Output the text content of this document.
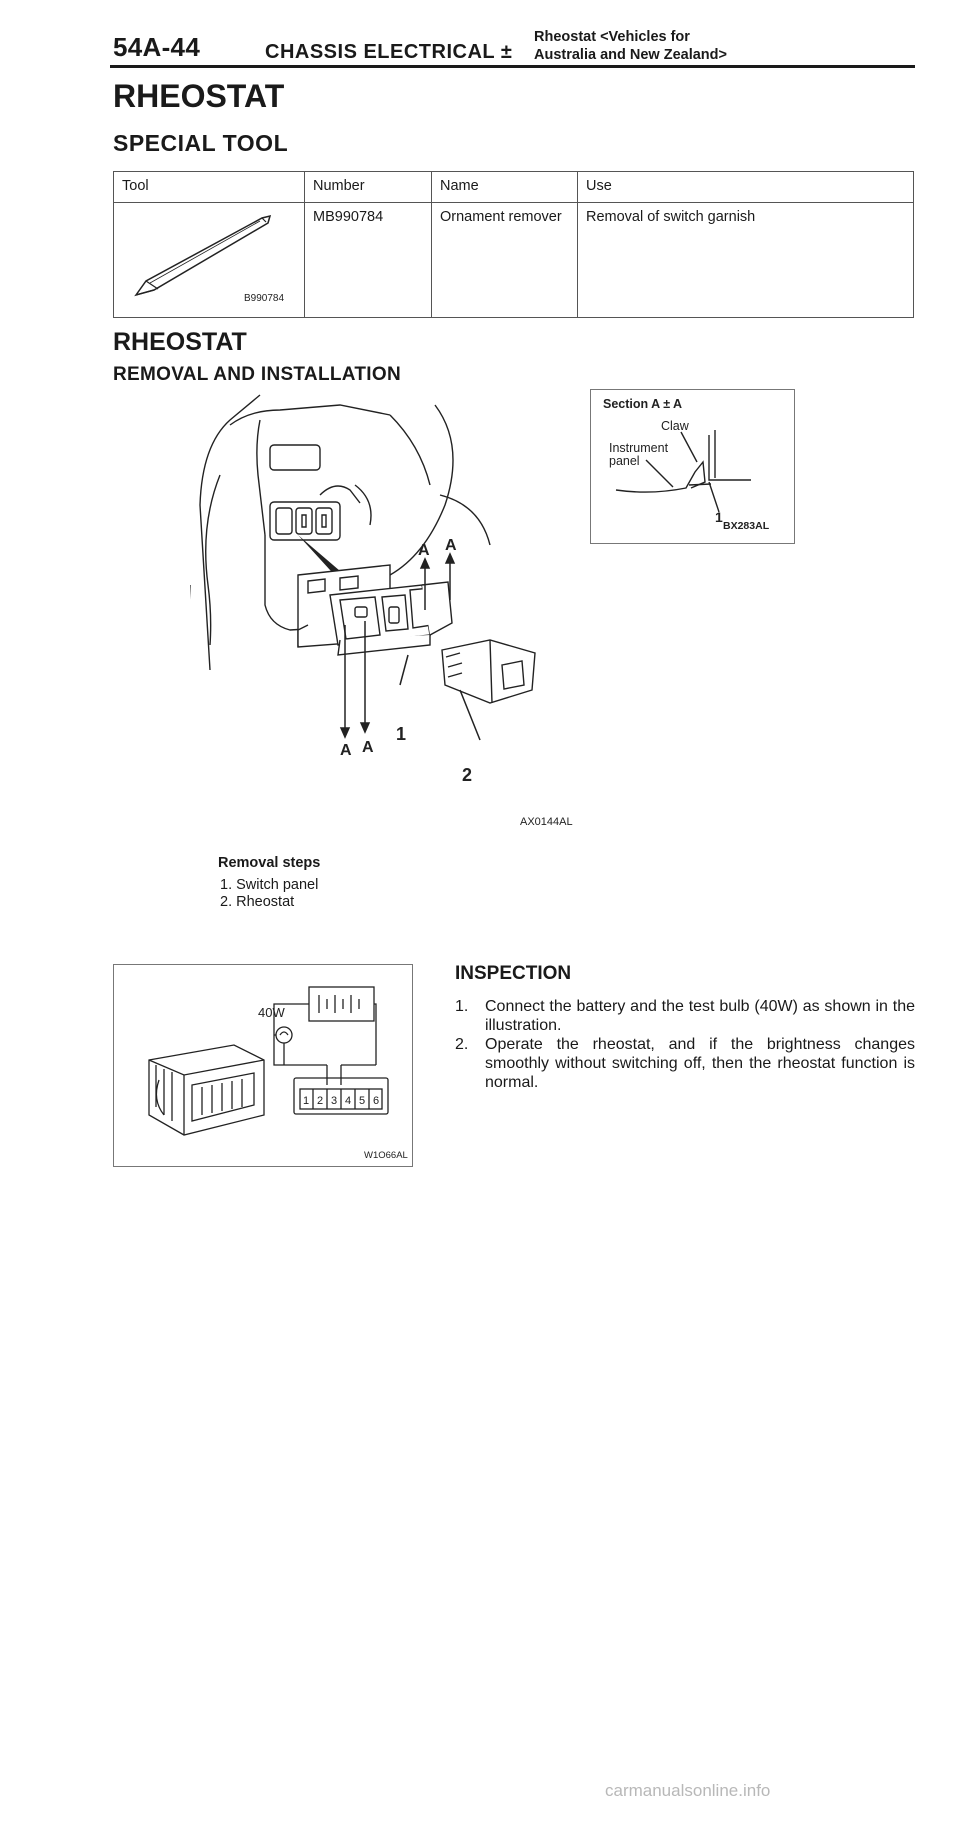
54A-44	CHASSIS ELECTRICAL ±
Rheostat <Vehicles for
Australia and New Zealand>
RHEOSTAT
SPECIAL TOOL
Tool	Number	Name	Use

B990784	MB990784	Ornament remover	Removal of switch garnish
RHEOSTAT
REMOVAL AND INSTALLATION
A A
A A
1
2
AX0144AL
Section A ± A
Claw
Instrument
panel
1
BX283AL
Removal steps
1. Switch panel
2. Rheostat
40W
1 2 3 4 5 6
W1O66AL
INSPECTION
1.	Connect the battery and the test bulb (40W) as shown in the illustration.
2.	Operate the rheostat, and if the brightness changes smoothly without switching off, then the rheostat function is normal.
carmanualsonline.info
